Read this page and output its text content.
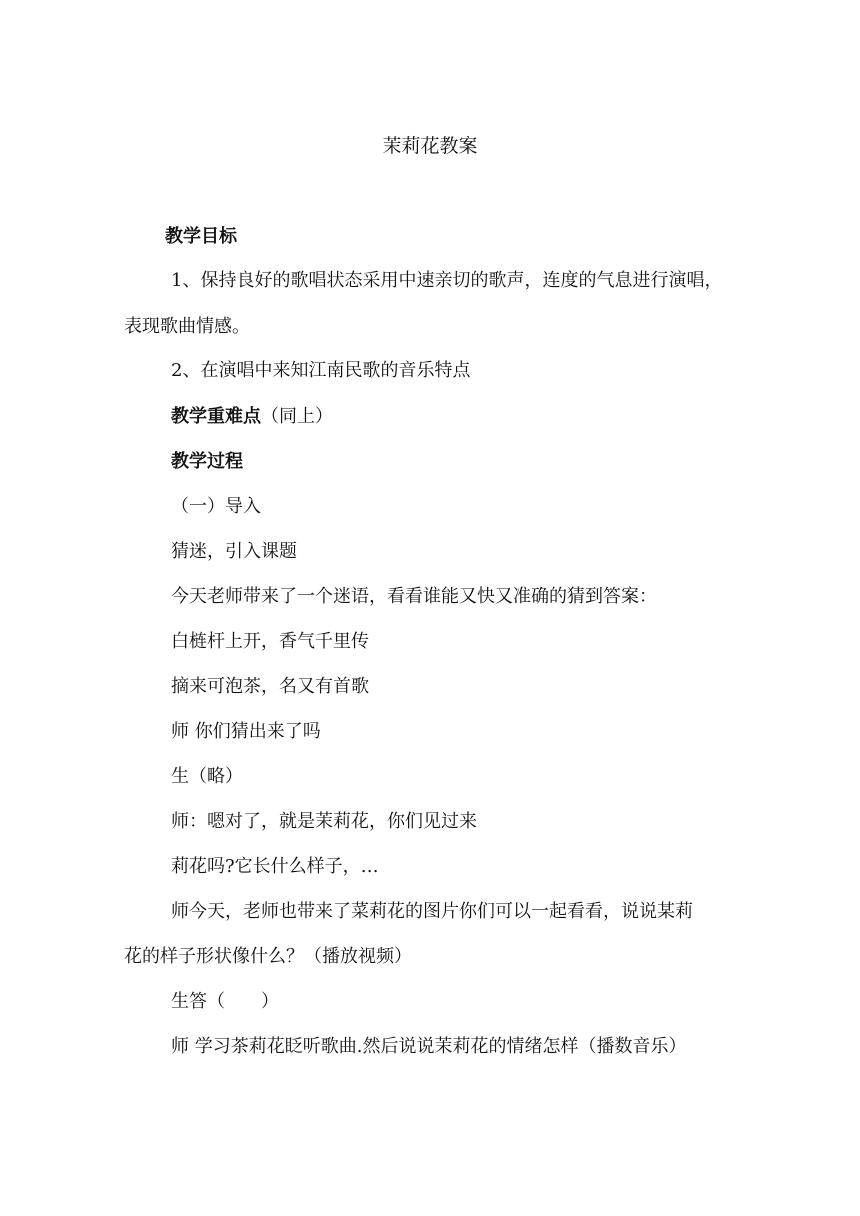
茉莉花教案
教学目标
1、保持良好的歌唱状态采用中速亲切的歌声，连度的气息进行演唱，
表现歌曲情感。
2、在演唱中来知江南民歌的音乐特点
教学重难点（同上）
教学过程
（一）导入
猜迷，引入课题
今天老师带来了一个迷语，看看谁能又快又准确的猜到答案：
白梿杆上开，香气千里传
摘来可泡茶，名又有首歌
师 你们猜出来了吗
生（略）
师：嗯对了，就是茉莉花，你们见过来
莉花吗?它长什么样子，…
师今天，老师也带来了菜莉花的图片你们可以一起看看，说说某莉
花的样子形状像什么？（播放视频）
生答（　　）
师 学习茶莉花眨听歌曲.然后说说茉莉花的情绪怎样（播数音乐）
